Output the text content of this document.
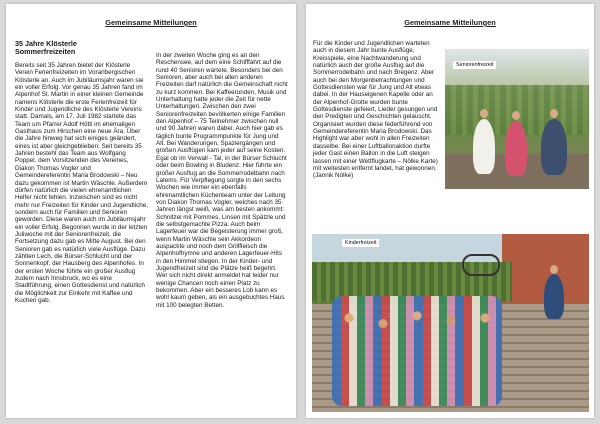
Gemeinsame Mitteilungen
35 Jahre Klösterle
Sommerfreizeiten

Bereits seit 35 Jahren bietet der Klösterle Verein Ferienfreizeiten im Vorarlbergischen Klösterle an. Auch im Jubiläumsjahr waren sie ein voller Erfolg. Vor genau 35 Jahren fand im Alpenhof St. Martin in einer kleinen Gemeinde namens Klösterle die erste Ferienfreizeit für Kinder und Jugendliche des Klösterle Vereins statt. Damals, am 17. Juli 1982 startete das Team um Pfarrer Adolf Hötti im ehemaligen Gasthaus zum Hirschen eine neue Ära. Über die Jahre hinweg hat sich einiges geändert, eines ist aber gleichgeblieben: Seit bereits 35 Jahren besteht das Team aus Wolfgang Poppel, dem Vorsitzenden des Vereines, Diakon Thomas Vogler und Gemeindereferentin Maria Brodowski – Neu dazu gekommen ist Martin Wäschle. Außerdem dürfen natürlich die vielen ehrenamtlichen Helfer nicht fehlen. Inzwischen sind es nicht mehr nur Freizeiten für Kinder und Jugendliche, sondern auch für Familien und Senioren geworden. Diese waren auch im Jubiläumsjahr ein voller Erfolg. Begonnen wurde in der letzten Juliwoche mit der Seniorenfreizeit, die Fortsetzung dazu gab es Mitte August. Bei den Senioren gab es natürlich viele Ausflüge. Dazu zählten Lech, die Bürser-Schlucht und der Sonnenkopf, der Hausberg des Alpenhofes. In der ersten Woche führte ein großer Ausflug zudem nach Innsbruck, wo es eine Stadtführung, einen Gottesdienst und natürlich die Möglichkeit zur Einkehr mit Kaffee und Kuchen gab.

In der zweiten Woche ging es an den Reschensee, auf dem eine Schifffahrt auf die rund 40 Senioren wartete. Besonders bei den Senioren, aber auch bei allen anderen Freizeiten darf natürlich die Gemeinschaft nicht zu kurz kommen. Bei Kaffeerunden, Musik und Unterhaltung hatte jeder die Zeit für nette Unterhaltungen. Zwischen den zwei Seniorenfreizeiten bevölkerten einige Familien den Alpenhof – 75 Teilnehmer zwischen null und 90 Jahren waren dabei. Auch hier gab es täglich bunte Programmpunkte für Jung und Alt. Bei Wanderungen, Spaziergängen und großen Ausflügen kam jeder auf seine Kosten. Egal ob im Verwall - Tal, in der Bürser Schlucht oder beim Bowling in Bludenz. Hier führte ein großer Ausflug an die Sommerrodelbahn nach Latems. Für Verpflegung sorgte in den sechs Wochen wie immer ein ebenfalls ehrenamtlichen Küchenteam unter der Leitung von Diakon Thomas Vogler, welches nach 35 Jahren längst weiß, was am besten ankommt: Schnitzel mit Pommes, Linsen mit Spätzle und die selbstgemachte Pizza. Auch beim Lagerfeuer war die Begeisterung immer groß, wenn Martin Wäschle sein Akkordeon auspackte und noch dem Grillfleisch die Alpenhofhymne und anderen Lagerfeuer-Hits in den Himmel stiegen. In der Kinder- und Jugendfreizeit sind die Plätze heiß begehrt. Wer sich nicht direkt anmeldet hat leider nur wenige Chancen noch einen Platz zu bekommen. Aber ein besseres Lob kann es wohl kaum geben, als ein ausgebuchtes Haus mit 100 belegten Betten.

Gemeinsame Mitteilungen

Für die Kinder und Jugendlichen warteten auch in diesem Jahr bunte Ausflüge, Kreisspiele, eine Nachtwanderung und natürlich auch der große Ausflug auf die Sommerrodelbahn und nach Bregenz. Aber auch bei den Morgenbetrachtungen und Gottesdiensten war für Jung und Alt etwas dabei. In der Hauseigenen Kapelle oder an der Alpenhof-Grotte wurden bunte Gottesdienste gefeiert, Lieder gesungen und den Predigten und Geschichten gelauscht. Organisiert wurden diese federführend von Gemeindereferentin Maria Brodowski. Das Highlight war aber wohl in allen Freizeiten dasselbe: Bei einer Luftballonaktion durfte jeder Gast einen Ballon in die Luft steigen lassen mit einer Wettflugkarte – Nölke Karte) mit weitesten entfernt landet, hat gewonnen. (Jannik Nölke)

Seniorenfreizeit
Kinderfreizeit
